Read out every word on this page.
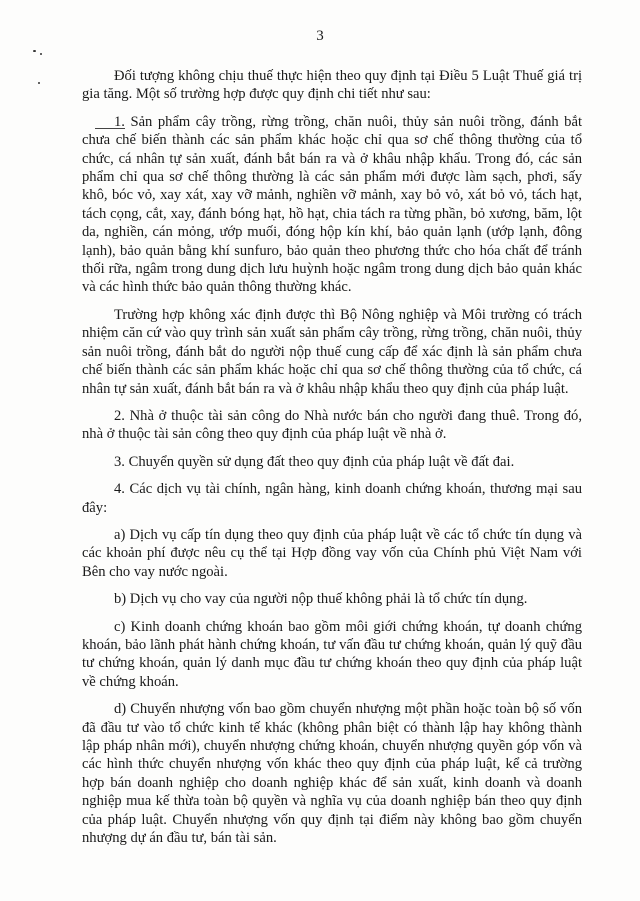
3

Đối tượng không chịu thuế thực hiện theo quy định tại Điều 5 Luật Thuế giá trị gia tăng. Một số trường hợp được quy định chi tiết như sau:

1. Sản phẩm cây trồng, rừng trồng, chăn nuôi, thủy sản nuôi trồng, đánh bắt chưa chế biến thành các sản phẩm khác hoặc chỉ qua sơ chế thông thường của tổ chức, cá nhân tự sản xuất, đánh bắt bán ra và ở khâu nhập khẩu. Trong đó, các sản phẩm chỉ qua sơ chế thông thường là các sản phẩm mới được làm sạch, phơi, sấy khô, bóc vỏ, xay xát, xay vỡ mảnh, nghiền vỡ mảnh, xay bỏ vỏ, xát bỏ vỏ, tách hạt, tách cọng, cắt, xay, đánh bóng hạt, hồ hạt, chia tách ra từng phần, bỏ xương, băm, lột da, nghiền, cán mỏng, ướp muối, đóng hộp kín khí, bảo quản lạnh (ướp lạnh, đông lạnh), bảo quản bằng khí sunfuro, bảo quản theo phương thức cho hóa chất để tránh thối rữa, ngâm trong dung dịch lưu huỳnh hoặc ngâm trong dung dịch bảo quản khác và các hình thức bảo quản thông thường khác.

Trường hợp không xác định được thì Bộ Nông nghiệp và Môi trường có trách nhiệm căn cứ vào quy trình sản xuất sản phẩm cây trồng, rừng trồng, chăn nuôi, thủy sản nuôi trồng, đánh bắt do người nộp thuế cung cấp để xác định là sản phẩm chưa chế biến thành các sản phẩm khác hoặc chỉ qua sơ chế thông thường của tổ chức, cá nhân tự sản xuất, đánh bắt bán ra và ở khâu nhập khẩu theo quy định của pháp luật.

2. Nhà ở thuộc tài sản công do Nhà nước bán cho người đang thuê. Trong đó, nhà ở thuộc tài sản công theo quy định của pháp luật về nhà ở.

3. Chuyển quyền sử dụng đất theo quy định của pháp luật về đất đai.

4. Các dịch vụ tài chính, ngân hàng, kinh doanh chứng khoán, thương mại sau đây:

a) Dịch vụ cấp tín dụng theo quy định của pháp luật về các tổ chức tín dụng và các khoản phí được nêu cụ thể tại Hợp đồng vay vốn của Chính phủ Việt Nam với Bên cho vay nước ngoài.

b) Dịch vụ cho vay của người nộp thuế không phải là tổ chức tín dụng.

c) Kinh doanh chứng khoán bao gồm môi giới chứng khoán, tự doanh chứng khoán, bảo lãnh phát hành chứng khoán, tư vấn đầu tư chứng khoán, quản lý quỹ đầu tư chứng khoán, quản lý danh mục đầu tư chứng khoán theo quy định của pháp luật về chứng khoán.

d) Chuyển nhượng vốn bao gồm chuyển nhượng một phần hoặc toàn bộ số vốn đã đầu tư vào tổ chức kinh tế khác (không phân biệt có thành lập hay không thành lập pháp nhân mới), chuyển nhượng chứng khoán, chuyển nhượng quyền góp vốn và các hình thức chuyển nhượng vốn khác theo quy định của pháp luật, kể cả trường hợp bán doanh nghiệp cho doanh nghiệp khác để sản xuất, kinh doanh và doanh nghiệp mua kế thừa toàn bộ quyền và nghĩa vụ của doanh nghiệp bán theo quy định của pháp luật. Chuyển nhượng vốn quy định tại điểm này không bao gồm chuyển nhượng dự án đầu tư, bán tài sản.
